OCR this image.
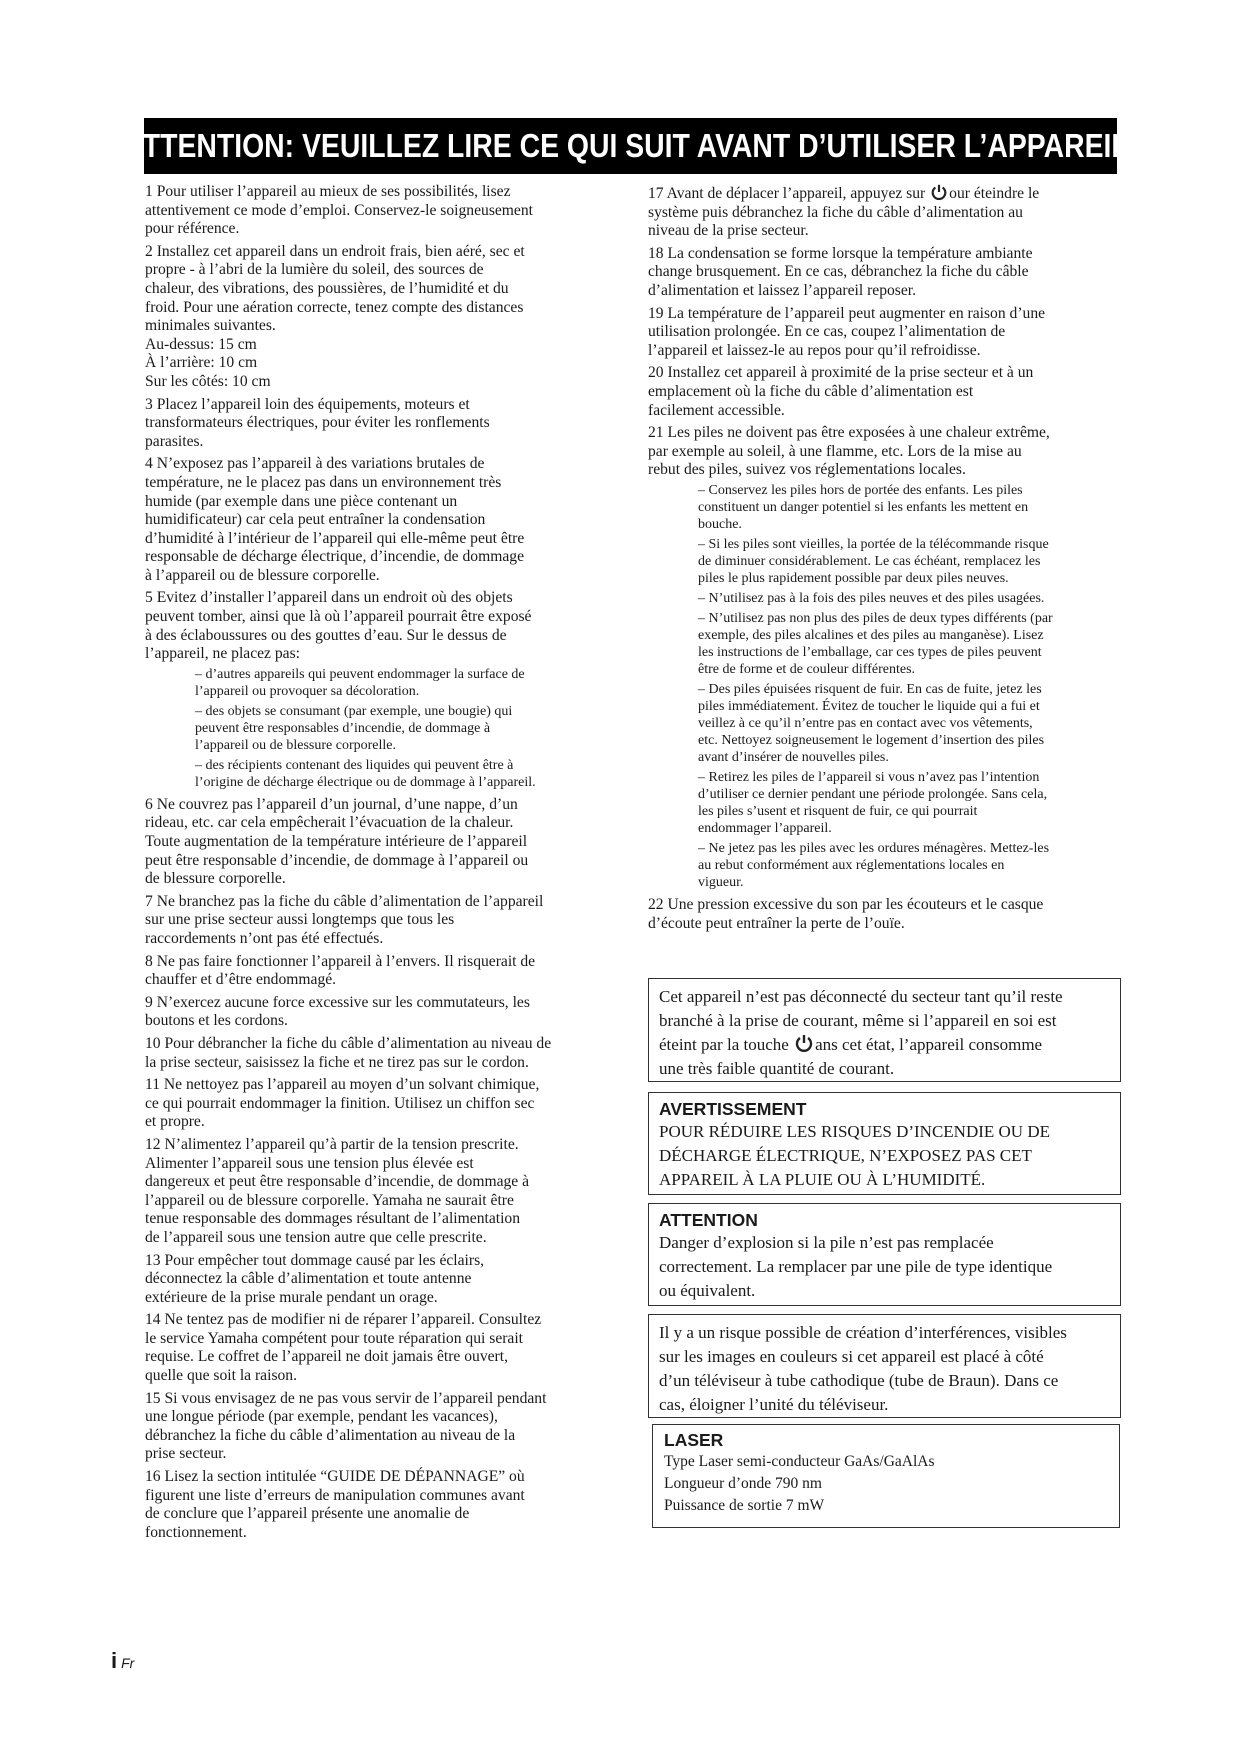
ATTENTION: VEUILLEZ LIRE CE QUI SUIT AVANT D’UTILISER L’APPAREIL.
1 Pour utiliser l’appareil au mieux de ses possibilités, lisez
attentivement ce mode d’emploi. Conservez-le soigneusement
pour référence.
2 Installez cet appareil dans un endroit frais, bien aéré, sec et
propre - à l’abri de la lumière du soleil, des sources de
chaleur, des vibrations, des poussières, de l’humidité et du
froid. Pour une aération correcte, tenez compte des distances
minimales suivantes.
Au-dessus: 15 cm
À l’arrière: 10 cm
Sur les côtés: 10 cm
3 Placez l’appareil loin des équipements, moteurs et
transformateurs électriques, pour éviter les ronflements
parasites.
4 N’exposez pas l’appareil à des variations brutales de
température, ne le placez pas dans un environnement très
humide (par exemple dans une pièce contenant un
humidificateur) car cela peut entraîner la condensation
d’humidité à l’intérieur de l’appareil qui elle-même peut être
responsable de décharge électrique, d’incendie, de dommage
à l’appareil ou de blessure corporelle.
5 Evitez d’installer l’appareil dans un endroit où des objets
peuvent tomber, ainsi que là où l’appareil pourrait être exposé
à des éclaboussures ou des gouttes d’eau. Sur le dessus de
l’appareil, ne placez pas:
– d’autres appareils qui peuvent endommager la surface de
l’appareil ou provoquer sa décoloration.
– des objets se consumant (par exemple, une bougie) qui
peuvent être responsables d’incendie, de dommage à
l’appareil ou de blessure corporelle.
– des récipients contenant des liquides qui peuvent être à
l’origine de décharge électrique ou de dommage à l’appareil.
6 Ne couvrez pas l’appareil d’un journal, d’une nappe, d’un
rideau, etc. car cela empêcherait l’évacuation de la chaleur.
Toute augmentation de la température intérieure de l’appareil
peut être responsable d’incendie, de dommage à l’appareil ou
de blessure corporelle.
7 Ne branchez pas la fiche du câble d’alimentation de l’appareil
sur une prise secteur aussi longtemps que tous les
raccordements n’ont pas été effectués.
8 Ne pas faire fonctionner l’appareil à l’envers. Il risquerait de
chauffer et d’être endommagé.
9 N’exercez aucune force excessive sur les commutateurs, les
boutons et les cordons.
10 Pour débrancher la fiche du câble d’alimentation au niveau de
la prise secteur, saisissez la fiche et ne tirez pas sur le cordon.
11 Ne nettoyez pas l’appareil au moyen d’un solvant chimique,
ce qui pourrait endommager la finition. Utilisez un chiffon sec
et propre.
12 N’alimentez l’appareil qu’à partir de la tension prescrite.
Alimenter l’appareil sous une tension plus élevée est
dangereux et peut être responsable d’incendie, de dommage à
l’appareil ou de blessure corporelle. Yamaha ne saurait être
tenue responsable des dommages résultant de l’alimentation
de l’appareil sous une tension autre que celle prescrite.
13 Pour empêcher tout dommage causé par les éclairs,
déconnectez la câble d’alimentation et toute antenne
extérieure de la prise murale pendant un orage.
14 Ne tentez pas de modifier ni de réparer l’appareil. Consultez
le service Yamaha compétent pour toute réparation qui serait
requise. Le coffret de l’appareil ne doit jamais être ouvert,
quelle que soit la raison.
15 Si vous envisagez de ne pas vous servir de l’appareil pendant
une longue période (par exemple, pendant les vacances),
débranchez la fiche du câble d’alimentation au niveau de la
prise secteur.
16 Lisez la section intitulée “GUIDE DE DÉPANNAGE” où
figurent une liste d’erreurs de manipulation communes avant
de conclure que l’appareil présente une anomalie de
fonctionnement.
17 Avant de déplacer l’appareil, appuyez sur our éteindre le
système puis débranchez la fiche du câble d’alimentation au
niveau de la prise secteur.
18 La condensation se forme lorsque la température ambiante
change brusquement. En ce cas, débranchez la fiche du câble
d’alimentation et laissez l’appareil reposer.
19 La température de l’appareil peut augmenter en raison d’une
utilisation prolongée. En ce cas, coupez l’alimentation de
l’appareil et laissez-le au repos pour qu’il refroidisse.
20 Installez cet appareil à proximité de la prise secteur et à un
emplacement où la fiche du câble d’alimentation est
facilement accessible.
21 Les piles ne doivent pas être exposées à une chaleur extrême,
par exemple au soleil, à une flamme, etc. Lors de la mise au
rebut des piles, suivez vos réglementations locales.
– Conservez les piles hors de portée des enfants. Les piles
constituent un danger potentiel si les enfants les mettent en
bouche.
– Si les piles sont vieilles, la portée de la télécommande risque
de diminuer considérablement. Le cas échéant, remplacez les
piles le plus rapidement possible par deux piles neuves.
– N’utilisez pas à la fois des piles neuves et des piles usagées.
– N’utilisez pas non plus des piles de deux types différents (par
exemple, des piles alcalines et des piles au manganèse). Lisez
les instructions de l’emballage, car ces types de piles peuvent
être de forme et de couleur différentes.
– Des piles épuisées risquent de fuir. En cas de fuite, jetez les
piles immédiatement. Évitez de toucher le liquide qui a fui et
veillez à ce qu’il n’entre pas en contact avec vos vêtements,
etc. Nettoyez soigneusement le logement d’insertion des piles
avant d’insérer de nouvelles piles.
– Retirez les piles de l’appareil si vous n’avez pas l’intention
d’utiliser ce dernier pendant une période prolongée. Sans cela,
les piles s’usent et risquent de fuir, ce qui pourrait
endommager l’appareil.
– Ne jetez pas les piles avec les ordures ménagères. Mettez-les
au rebut conformément aux réglementations locales en
vigueur.
22 Une pression excessive du son par les écouteurs et le casque
d’écoute peut entraîner la perte de l’ouïe.
Cet appareil n’est pas déconnecté du secteur tant qu’il reste
branché à la prise de courant, même si l’appareil en soi est
éteint par la touche ans cet état, l’appareil consomme
une très faible quantité de courant.
AVERTISSEMENT
POUR RÉDUIRE LES RISQUES D’INCENDIE OU DE
DÉCHARGE ÉLECTRIQUE, N’EXPOSEZ PAS CET
APPAREIL À LA PLUIE OU À L’HUMIDITÉ.
ATTENTION
Danger d’explosion si la pile n’est pas remplacée
correctement. La remplacer par une pile de type identique
ou équivalent.
Il y a un risque possible de création d’interférences, visibles
sur les images en couleurs si cet appareil est placé à côté
d’un téléviseur à tube cathodique (tube de Braun). Dans ce
cas, éloigner l’unité du téléviseur.
LASER
Type Laser semi-conducteur GaAs/GaAlAs
Longueur d’onde 790 nm
Puissance de sortie 7 mW
i Fr
